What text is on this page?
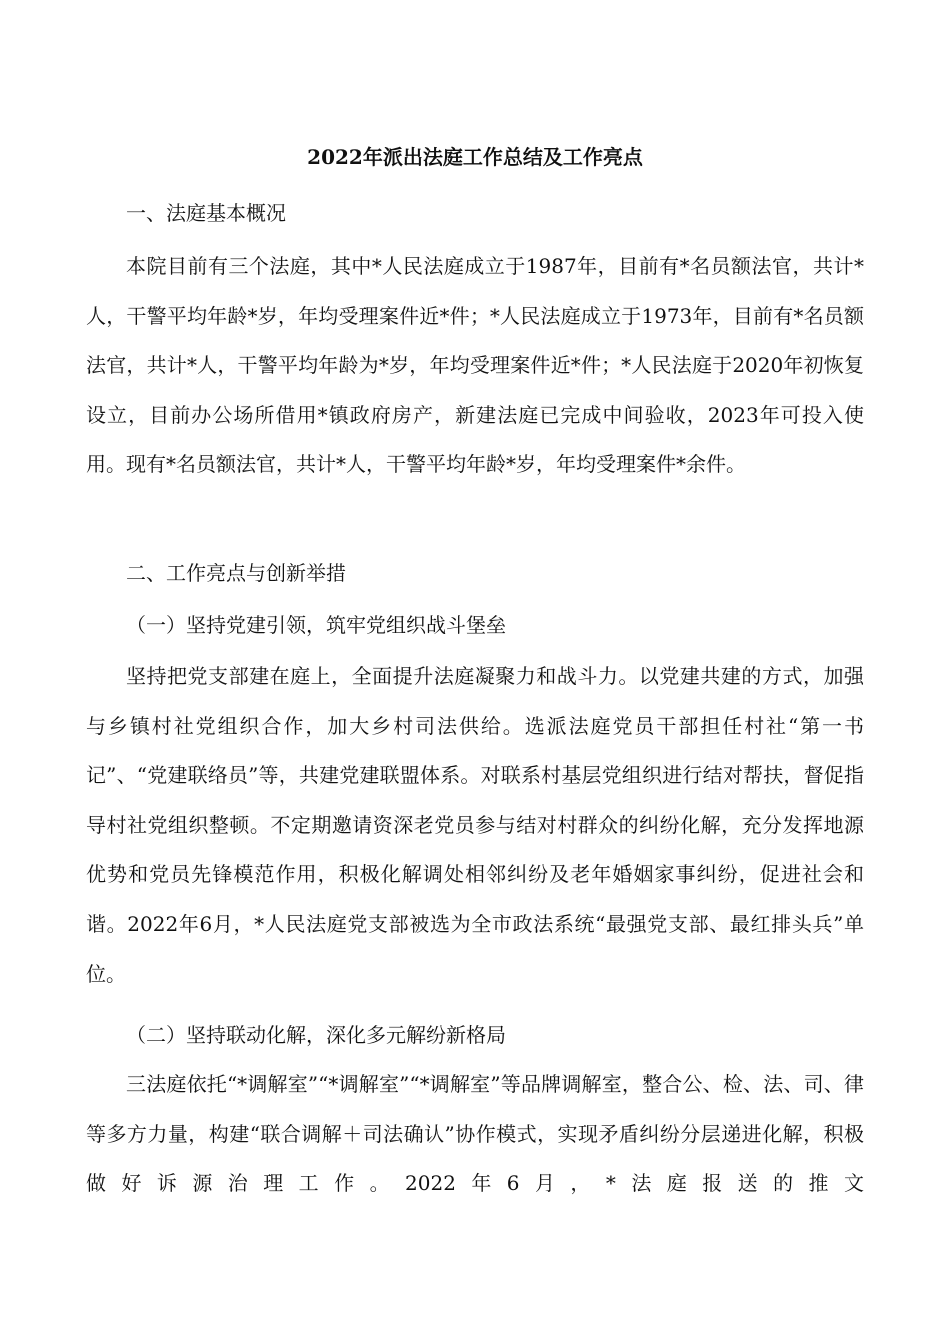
2022年派出法庭工作总结及工作亮点

一、法庭基本概况

本院目前有三个法庭，其中*人民法庭成立于1987年，目前有*名员额法官，共计*人，干警平均年龄*岁，年均受理案件近*件；*人民法庭成立于1973年，目前有*名员额法官，共计*人，干警平均年龄为*岁，年均受理案件近*件；*人民法庭于2020年初恢复设立，目前办公场所借用*镇政府房产，新建法庭已完成中间验收，2023年可投入使用。现有*名员额法官，共计*人，干警平均年龄*岁，年均受理案件*余件。

二、工作亮点与创新举措

（一）坚持党建引领，筑牢党组织战斗堡垒

坚持把党支部建在庭上，全面提升法庭凝聚力和战斗力。以党建共建的方式，加强与乡镇村社党组织合作，加大乡村司法供给。选派法庭党员干部担任村社“第一书记”、“党建联络员”等，共建党建联盟体系。对联系村基层党组织进行结对帮扶，督促指导村社党组织整顿。不定期邀请资深老党员参与结对村群众的纠纷化解，充分发挥地源优势和党员先锋模范作用，积极化解调处相邻纠纷及老年婚姻家事纠纷，促进社会和谐。2022年6月，*人民法庭党支部被选为全市政法系统“最强党支部、最红排头兵”单位。

（二）坚持联动化解，深化多元解纷新格局

三法庭依托“*调解室”“*调解室”“*调解室”等品牌调解室，整合公、检、法、司、律等多方力量，构建“联合调解＋司法确认”协作模式，实现矛盾纠纷分层递进化解，积极做好诉源治理工作。2022年6月，*法庭报送的推文
